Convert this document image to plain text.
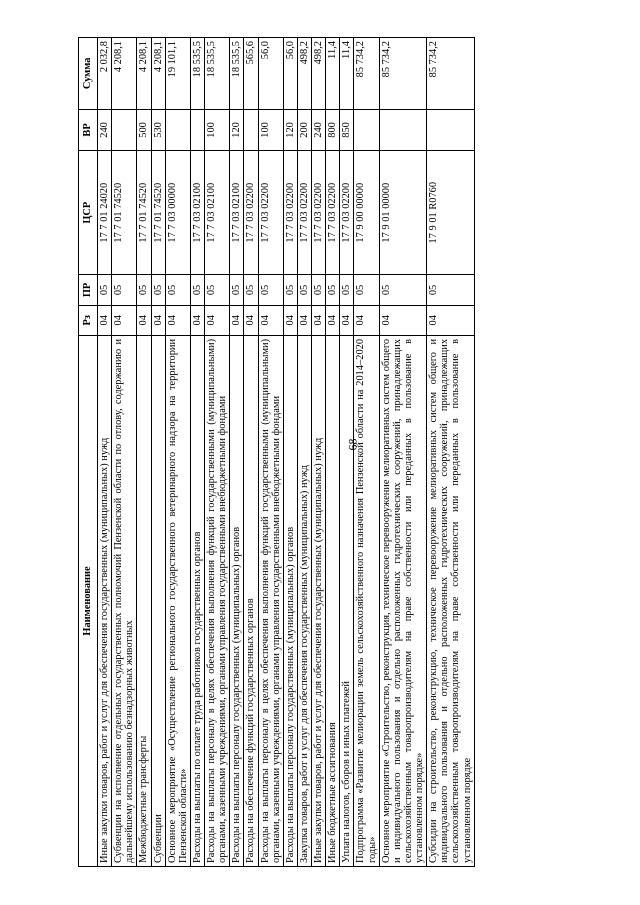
68
Наименование	Рз	ПР	ЦСР	ВР	Сумма
Иные закупки товаров, работ и услуг для обеспечения государственных (муниципальных) нужд	04	05	17 7 01 24020	240	2 032,8
Субвенции на исполнение отдельных государственных полномочий Пензенской области по отлову, содержанию и дальнейшему использованию безнадзорных животных	04	05	17 7 01 74520		4 208,1
Межбюджетные трансферты	04	05	17 7 01 74520	500	4 208,1
Субвенции	04	05	17 7 01 74520	530	4 208,1
Основное мероприятие «Осуществление регионального государственного ветеринарного надзора на территории Пензенской области»	04	05	17 7 03 00000		19 101,1
Расходы на выплаты по оплате труда работников государственных органов	04	05	17 7 03 02100		18 535,5
Расходы на выплаты персоналу в целях обеспечения выполнения функций государственными (муниципальными) органами, казенными учреждениями, органами управления государственными внебюджетными фондами	04	05	17 7 03 02100	100	18 535,5
Расходы на выплаты персоналу государственных (муниципальных) органов	04	05	17 7 03 02100	120	18 535,5
Расходы на обеспечение функций государственных органов	04	05	17 7 03 02200		565,6
Расходы на выплаты персоналу в целях обеспечения выполнения функций государственными (муниципальными) органами, казенными учреждениями, органами управления государственными внебюджетными фондами	04	05	17 7 03 02200	100	56,0
Расходы на выплаты персоналу государственных (муниципальных) органов	04	05	17 7 03 02200	120	56,0
Закупка товаров, работ и услуг для обеспечения государственных (муниципальных) нужд	04	05	17 7 03 02200	200	498,2
Иные закупки товаров, работ и услуг для обеспечения государственных (муниципальных) нужд	04	05	17 7 03 02200	240	498,2
Иные бюджетные ассигнования	04	05	17 7 03 02200	800	11,4
Уплата налогов, сборов и иных платежей	04	05	17 7 03 02200	850	11,4
Подпрограмма «Развитие мелиорации земель сельскохозяйственного назначения Пензенской области на 2014–2020 годы»	04	05	17 9 00 00000		85 734,2
Основное мероприятие «Строительство, реконструкция, техническое перевооружение мелиоративных систем общего и индивидуального пользования и отдельно расположенных гидротехнических сооружений, принадлежащих сельскохозяйственным товаропроизводителям на праве собственности или переданных в пользование в установленном порядке»	04	05	17 9 01 00000		85 734,2
Субсидии на строительство, реконструкцию, техническое перевооружение мелиоративных систем общего и индивидуального пользования и отдельно расположенных гидротехнических сооружений, принадлежащих сельскохозяйственным товаропроизводителям на праве собственности или переданных в пользование в установленном порядке	04	05	17 9 01 R0760		85 734,2
